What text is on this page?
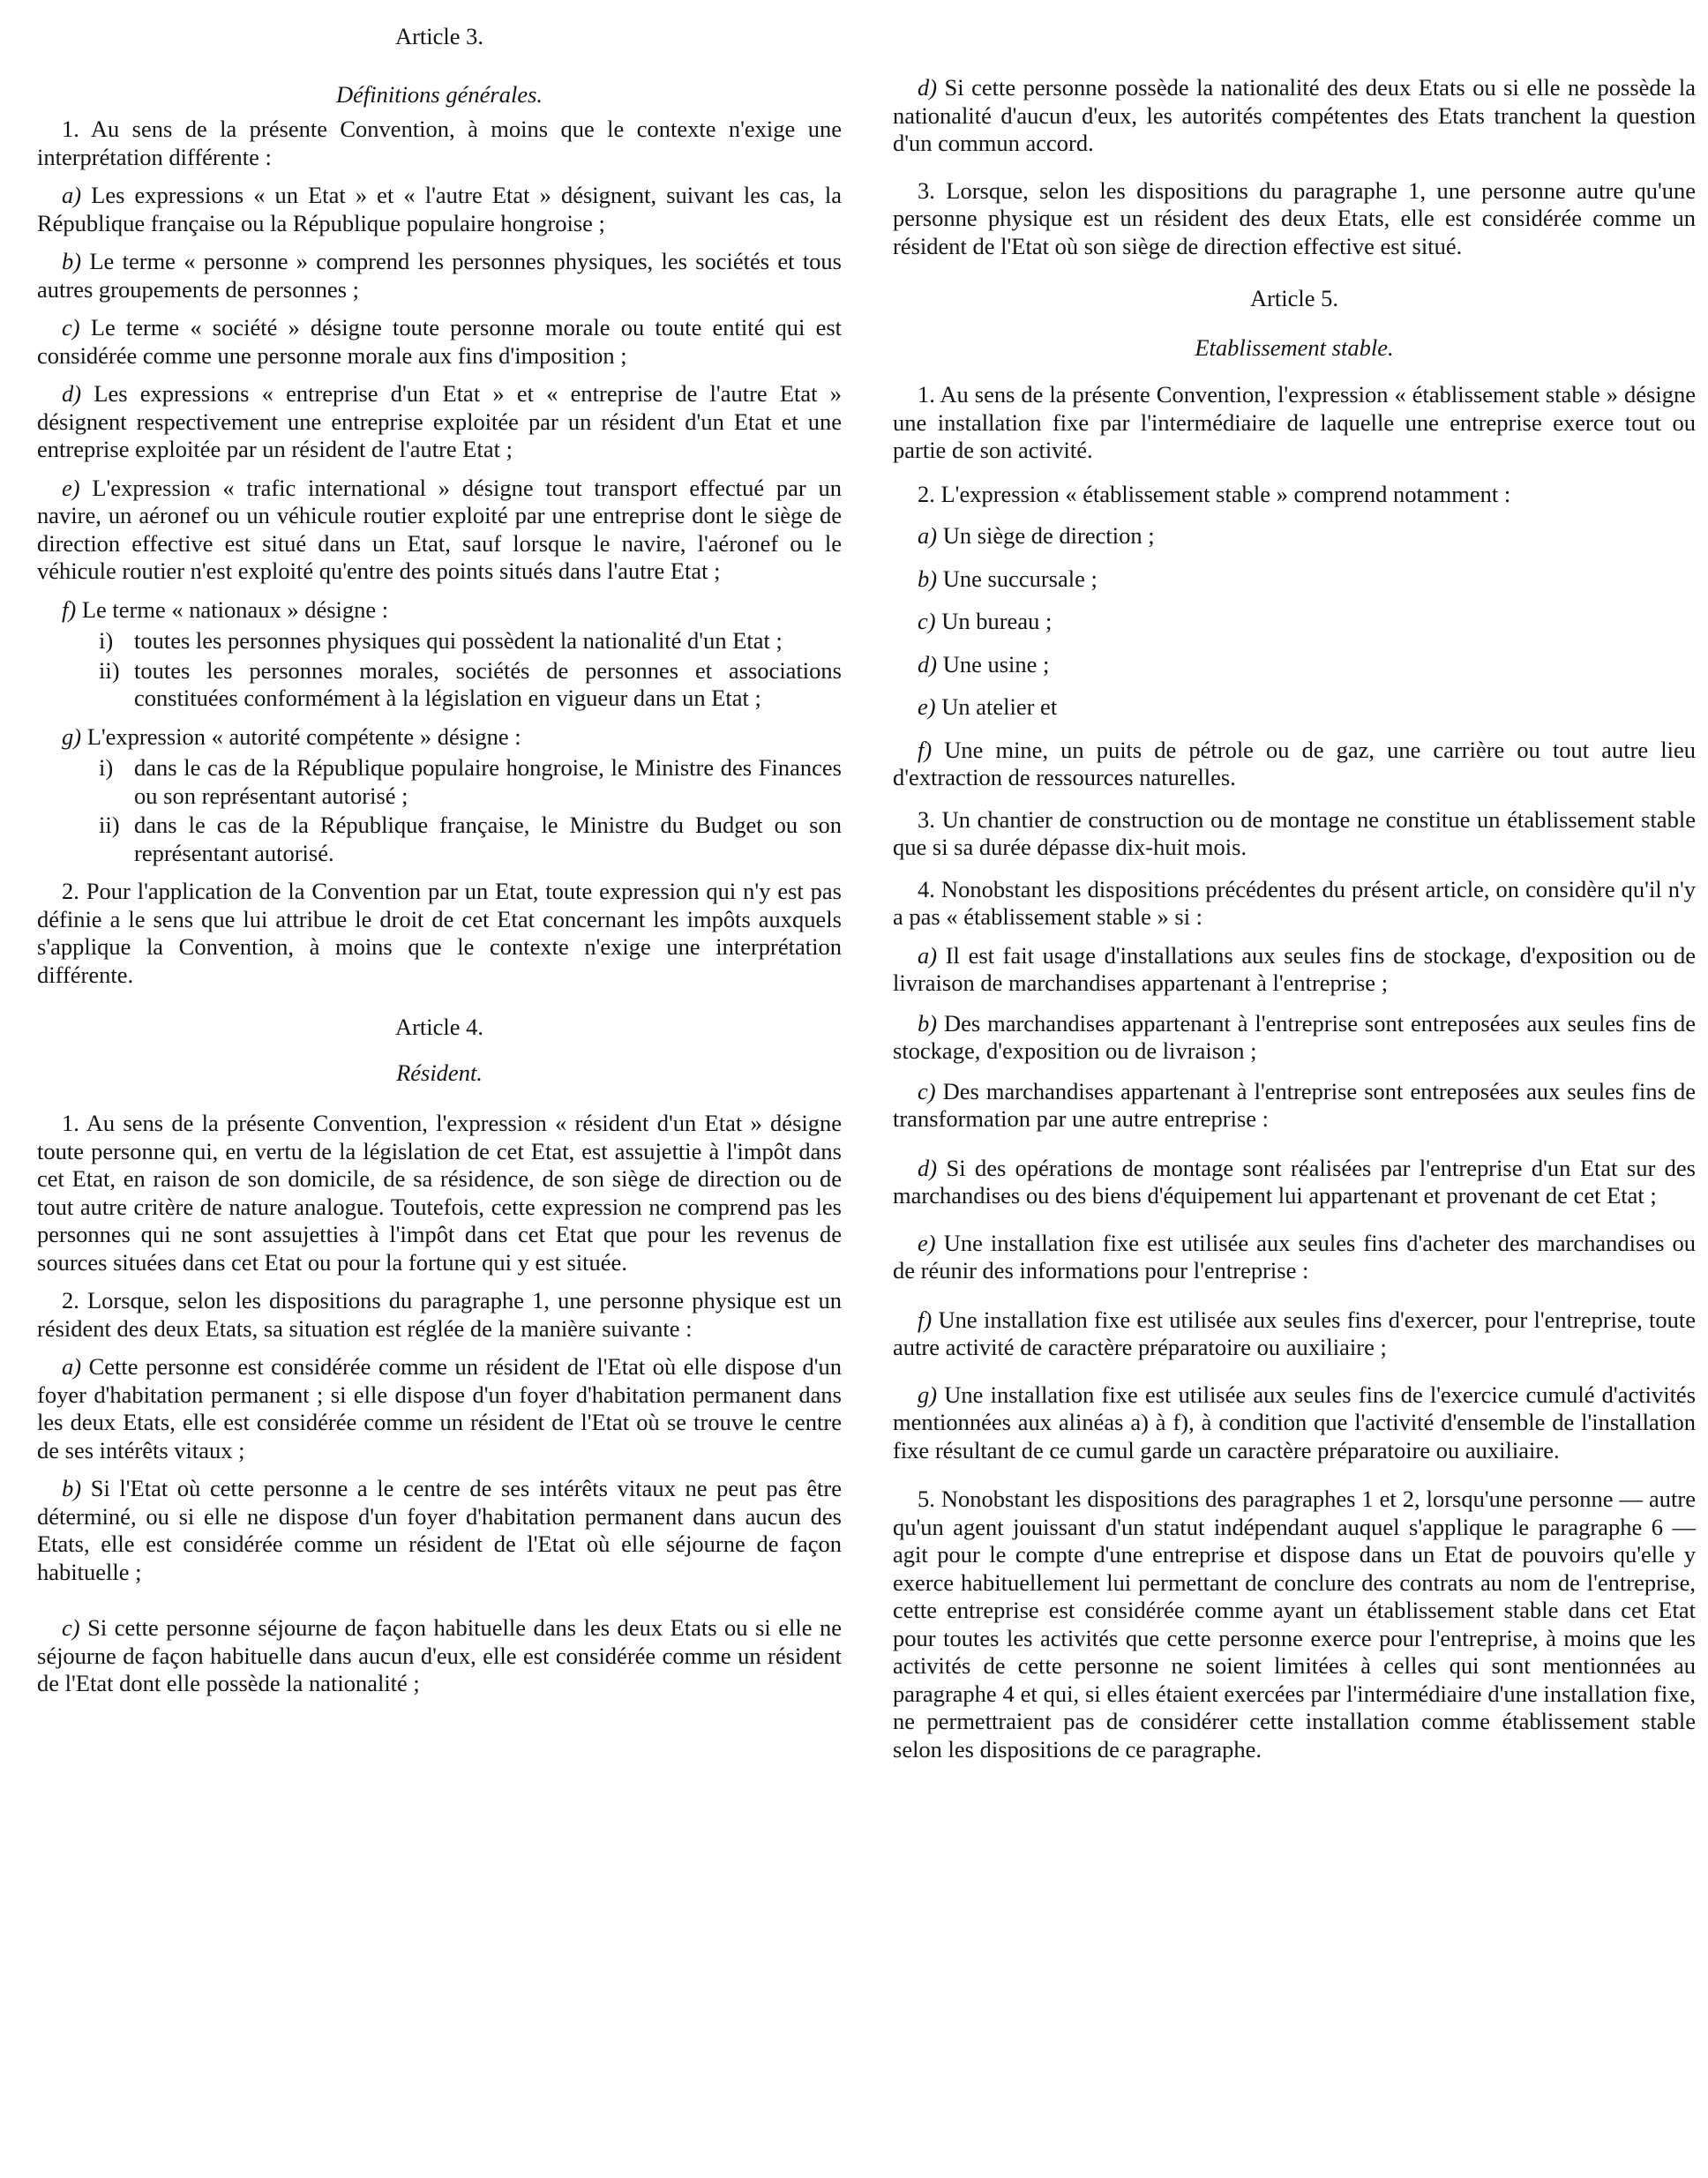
Article 3.
Définitions générales.

1. Au sens de la présente Convention, à moins que le contexte n'exige une interprétation différente :

a) Les expressions « un Etat » et « l'autre Etat » désignent, suivant les cas, la République française ou la République populaire hongroise ;

b) Le terme « personne » comprend les personnes physiques, les sociétés et tous autres groupements de personnes ;

c) Le terme « société » désigne toute personne morale ou toute entité qui est considérée comme une personne morale aux fins d'imposition ;

d) Les expressions « entreprise d'un Etat » et « entreprise de l'autre Etat » désignent respectivement une entreprise exploitée par un résident d'un Etat et une entreprise exploitée par un résident de l'autre Etat ;

e) L'expression « trafic international » désigne tout transport effectué par un navire, un aéronef ou un véhicule routier exploité par une entreprise dont le siège de direction effective est situé dans un Etat, sauf lorsque le navire, l'aéronef ou le véhicule routier n'est exploité qu'entre des points situés dans l'autre Etat ;

f) Le terme « nationaux » désigne :

i) toutes les personnes physiques qui possèdent la nationalité d'un Etat ;
ii) toutes les personnes morales, sociétés de personnes et associations constituées conformément à la législation en vigueur dans un Etat ;

g) L'expression « autorité compétente » désigne :

i) dans le cas de la République populaire hongroise, le Ministre des Finances ou son représentant autorisé ;
ii) dans le cas de la République française, le Ministre du Budget ou son représentant autorisé.

2. Pour l'application de la Convention par un Etat, toute expression qui n'y est pas définie a le sens que lui attribue le droit de cet Etat concernant les impôts auxquels s'applique la Convention, à moins que le contexte n'exige une interprétation différente.

Article 4.
Résident.

1. Au sens de la présente Convention, l'expression « résident d'un Etat » désigne toute personne qui, en vertu de la législation de cet Etat, est assujettie à l'impôt dans cet Etat, en raison de son domicile, de sa résidence, de son siège de direction ou de tout autre critère de nature analogue. Toutefois, cette expression ne comprend pas les personnes qui ne sont assujetties à l'impôt dans cet Etat que pour les revenus de sources situées dans cet Etat ou pour la fortune qui y est située.

2. Lorsque, selon les dispositions du paragraphe 1, une personne physique est un résident des deux Etats, sa situation est réglée de la manière suivante :

a) Cette personne est considérée comme un résident de l'Etat où elle dispose d'un foyer d'habitation permanent ; si elle dispose d'un foyer d'habitation permanent dans les deux Etats, elle est considérée comme un résident de l'Etat où se trouve le centre de ses intérêts vitaux ;

b) Si l'Etat où cette personne a le centre de ses intérêts vitaux ne peut pas être déterminé, ou si elle ne dispose d'un foyer d'habitation permanent dans aucun des Etats, elle est considérée comme un résident de l'Etat où elle séjourne de façon habituelle ;

c) Si cette personne séjourne de façon habituelle dans les deux Etats ou si elle ne séjourne de façon habituelle dans aucun d'eux, elle est considérée comme un résident de l'Etat dont elle possède la nationalité ;

d) Si cette personne possède la nationalité des deux Etats ou si elle ne possède la nationalité d'aucun d'eux, les autorités compétentes des Etats tranchent la question d'un commun accord.

3. Lorsque, selon les dispositions du paragraphe 1, une personne autre qu'une personne physique est un résident des deux Etats, elle est considérée comme un résident de l'Etat où son siège de direction effective est situé.

Article 5.
Etablissement stable.

1. Au sens de la présente Convention, l'expression « établissement stable » désigne une installation fixe par l'intermédiaire de laquelle une entreprise exerce tout ou partie de son activité.

2. L'expression « établissement stable » comprend notamment :

a) Un siège de direction ;
b) Une succursale ;
c) Un bureau ;
d) Une usine ;
e) Un atelier et

f) Une mine, un puits de pétrole ou de gaz, une carrière ou tout autre lieu d'extraction de ressources naturelles.

3. Un chantier de construction ou de montage ne constitue un établissement stable que si sa durée dépasse dix-huit mois.

4. Nonobstant les dispositions précédentes du présent article, on considère qu'il n'y a pas « établissement stable » si :

a) Il est fait usage d'installations aux seules fins de stockage, d'exposition ou de livraison de marchandises appartenant à l'entreprise ;

b) Des marchandises appartenant à l'entreprise sont entreposées aux seules fins de stockage, d'exposition ou de livraison ;

c) Des marchandises appartenant à l'entreprise sont entreposées aux seules fins de transformation par une autre entreprise :

d) Si des opérations de montage sont réalisées par l'entreprise d'un Etat sur des marchandises ou des biens d'équipement lui appartenant et provenant de cet Etat ;

e) Une installation fixe est utilisée aux seules fins d'acheter des marchandises ou de réunir des informations pour l'entreprise :

f) Une installation fixe est utilisée aux seules fins d'exercer, pour l'entreprise, toute autre activité de caractère préparatoire ou auxiliaire ;

g) Une installation fixe est utilisée aux seules fins de l'exercice cumulé d'activités mentionnées aux alinéas a) à f), à condition que l'activité d'ensemble de l'installation fixe résultant de ce cumul garde un caractère préparatoire ou auxiliaire.

5. Nonobstant les dispositions des paragraphes 1 et 2, lorsqu'une personne — autre qu'un agent jouissant d'un statut indépendant auquel s'applique le paragraphe 6 — agit pour le compte d'une entreprise et dispose dans un Etat de pouvoirs qu'elle y exerce habituellement lui permettant de conclure des contrats au nom de l'entreprise, cette entreprise est considérée comme ayant un établissement stable dans cet Etat pour toutes les activités que cette personne exerce pour l'entreprise, à moins que les activités de cette personne ne soient limitées à celles qui sont mentionnées au paragraphe 4 et qui, si elles étaient exercées par l'intermédiaire d'une installation fixe, ne permettraient pas de considérer cette installation comme établissement stable selon les dispositions de ce paragraphe.
